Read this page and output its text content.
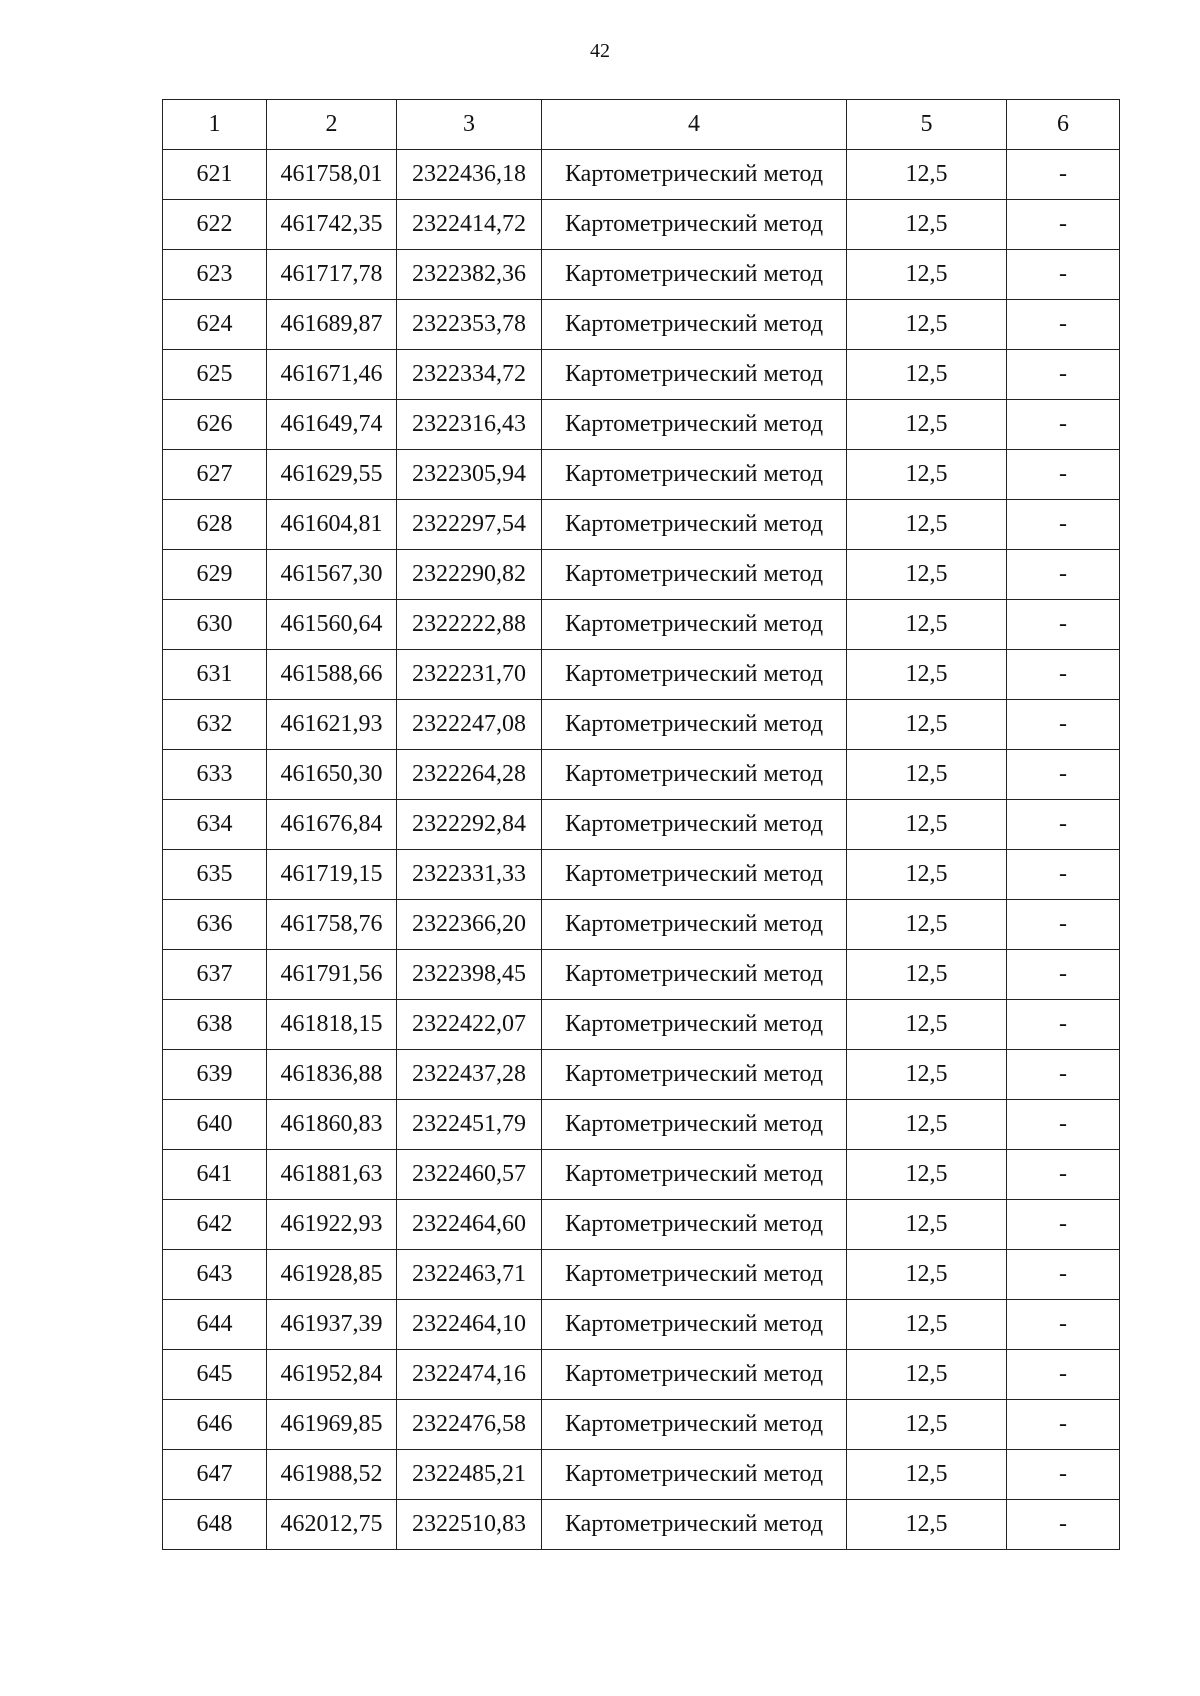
42
1	2	3	4	5	6
621	461758,01	2322436,18	Картометрический метод	12,5	-
622	461742,35	2322414,72	Картометрический метод	12,5	-
623	461717,78	2322382,36	Картометрический метод	12,5	-
624	461689,87	2322353,78	Картометрический метод	12,5	-
625	461671,46	2322334,72	Картометрический метод	12,5	-
626	461649,74	2322316,43	Картометрический метод	12,5	-
627	461629,55	2322305,94	Картометрический метод	12,5	-
628	461604,81	2322297,54	Картометрический метод	12,5	-
629	461567,30	2322290,82	Картометрический метод	12,5	-
630	461560,64	2322222,88	Картометрический метод	12,5	-
631	461588,66	2322231,70	Картометрический метод	12,5	-
632	461621,93	2322247,08	Картометрический метод	12,5	-
633	461650,30	2322264,28	Картометрический метод	12,5	-
634	461676,84	2322292,84	Картометрический метод	12,5	-
635	461719,15	2322331,33	Картометрический метод	12,5	-
636	461758,76	2322366,20	Картометрический метод	12,5	-
637	461791,56	2322398,45	Картометрический метод	12,5	-
638	461818,15	2322422,07	Картометрический метод	12,5	-
639	461836,88	2322437,28	Картометрический метод	12,5	-
640	461860,83	2322451,79	Картометрический метод	12,5	-
641	461881,63	2322460,57	Картометрический метод	12,5	-
642	461922,93	2322464,60	Картометрический метод	12,5	-
643	461928,85	2322463,71	Картометрический метод	12,5	-
644	461937,39	2322464,10	Картометрический метод	12,5	-
645	461952,84	2322474,16	Картометрический метод	12,5	-
646	461969,85	2322476,58	Картометрический метод	12,5	-
647	461988,52	2322485,21	Картометрический метод	12,5	-
648	462012,75	2322510,83	Картометрический метод	12,5	-
